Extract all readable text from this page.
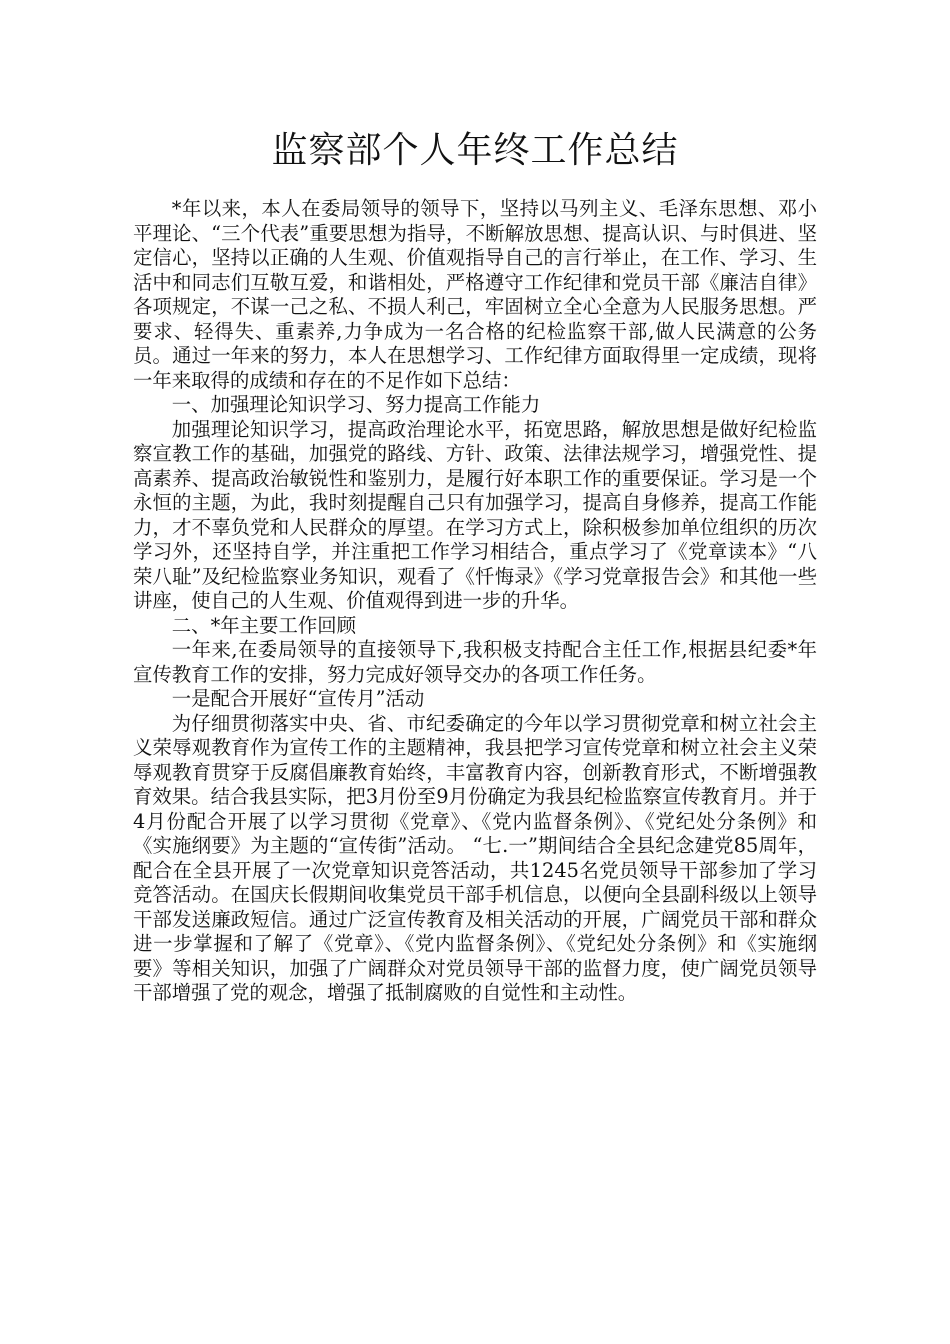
监察部个人年终工作总结

*年以来，本人在委局领导的领导下，坚持以马列主义、毛泽东思想、邓小平理论、“三个代表”重要思想为指导，不断解放思想、提高认识、与时俱进、坚定信心，坚持以正确的人生观、价值观指导自己的言行举止，在工作、学习、生活中和同志们互敬互爱，和谐相处，严格遵守工作纪律和党员干部《廉洁自律》各项规定，不谋一己之私、不损人利己，牢固树立全心全意为人民服务思想。严要求、轻得失、重素养,力争成为一名合格的纪检监察干部,做人民满意的公务员。通过一年来的努力，本人在思想学习、工作纪律方面取得里一定成绩，现将一年来取得的成绩和存在的不足作如下总结：

一、加强理论知识学习、努力提高工作能力

加强理论知识学习，提高政治理论水平，拓宽思路，解放思想是做好纪检监察宣教工作的基础，加强党的路线、方针、政策、法律法规学习，增强党性、提高素养、提高政治敏锐性和鉴别力，是履行好本职工作的重要保证。学习是一个永恒的主题，为此，我时刻提醒自己只有加强学习，提高自身修养，提高工作能力，才不辜负党和人民群众的厚望。在学习方式上，除积极参加单位组织的历次学习外，还坚持自学，并注重把工作学习相结合，重点学习了《党章读本》“八荣八耻”及纪检监察业务知识，观看了《忏悔录》《学习党章报告会》和其他一些讲座，使自己的人生观、价值观得到进一步的升华。

二、*年主要工作回顾

一年来,在委局领导的直接领导下,我积极支持配合主任工作,根据县纪委*年宣传教育工作的安排，努力完成好领导交办的各项工作任务。

一是配合开展好“宣传月”活动

为仔细贯彻落实中央、省、市纪委确定的今年以学习贯彻党章和树立社会主义荣辱观教育作为宣传工作的主题精神，我县把学习宣传党章和树立社会主义荣辱观教育贯穿于反腐倡廉教育始终，丰富教育内容，创新教育形式，不断增强教育效果。结合我县实际，把3月份至9月份确定为我县纪检监察宣传教育月。并于4月份配合开展了以学习贯彻《党章》、《党内监督条例》、《党纪处分条例》和《实施纲要》为主题的“宣传街”活动。 “七.一”期间结合全县纪念建党85周年，配合在全县开展了一次党章知识竞答活动，共1245名党员领导干部参加了学习竞答活动。在国庆长假期间收集党员干部手机信息，以便向全县副科级以上领导干部发送廉政短信。通过广泛宣传教育及相关活动的开展，广阔党员干部和群众进一步掌握和了解了《党章》、《党内监督条例》、《党纪处分条例》和《实施纲要》等相关知识，加强了广阔群众对党员领导干部的监督力度，使广阔党员领导干部增强了党的观念，增强了抵制腐败的自觉性和主动性。
